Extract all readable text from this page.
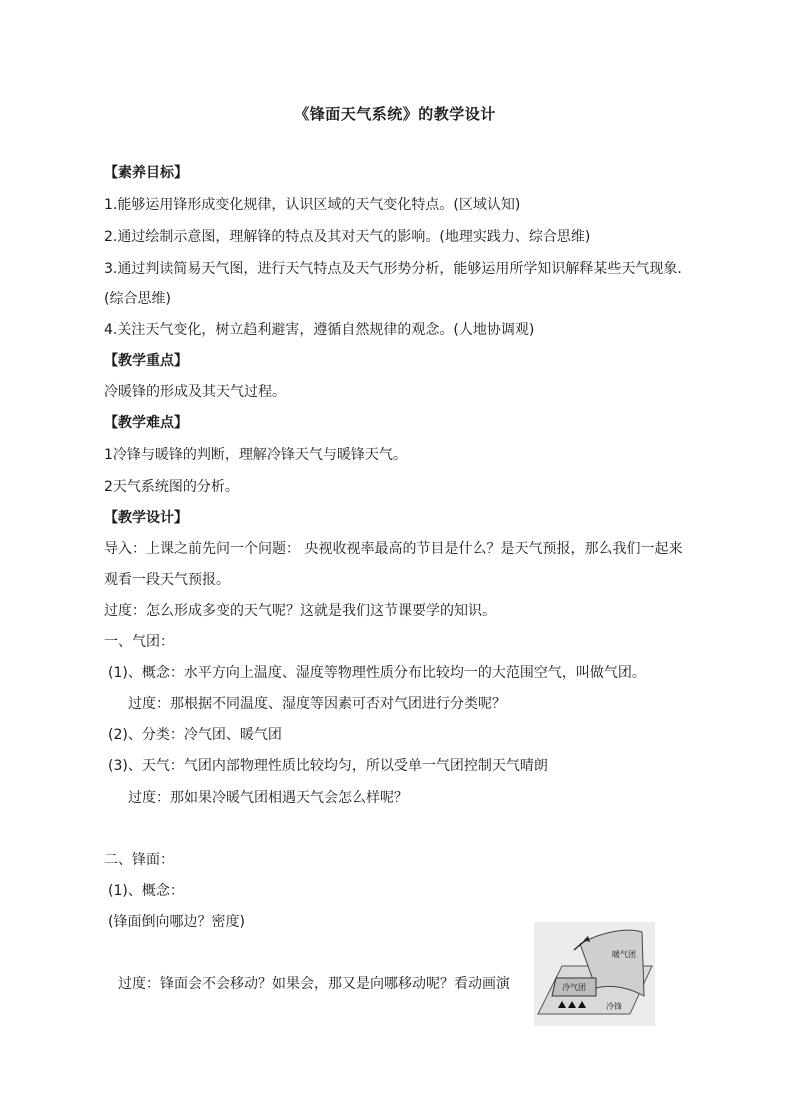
《锋面天气系统》的教学设计
【素养目标】
1.能够运用锋形成变化规律，认识区域的天气变化特点。(区域认知)
2.通过绘制示意图，理解锋的特点及其对天气的影响。(地理实践力、综合思维)
3.通过判读简易天气图，进行天气特点及天气形势分析，能够运用所学知识解释某些天气现象.
(综合思维)
4.关注天气变化，树立趋利避害，遵循自然规律的观念。(人地协调观)
【教学重点】
冷暖锋的形成及其天气过程。
【教学难点】
1冷锋与暖锋的判断，理解冷锋天气与暖锋天气。
2天气系统图的分析。
【教学设计】
导入：上课之前先问一个问题： 央视收视率最高的节目是什么？是天气预报，那么我们一起来
观看一段天气预报。
过度：怎么形成多变的天气呢？这就是我们这节课要学的知识。
一、气团：
(1)、概念：水平方向上温度、湿度等物理性质分布比较均一的大范围空气，叫做气团。
过度：那根据不同温度、湿度等因素可否对气团进行分类呢？
(2)、分类：冷气团、暖气团
(3)、天气：气团内部物理性质比较均匀，所以受单一气团控制天气晴朗
过度：那如果冷暖气团相遇天气会怎么样呢？
二、锋面：
(1)、概念：
(锋面倒向哪边？密度)
过度：锋面会不会移动？如果会，那又是向哪移动呢？看动画演
暖气团
冷气团
冷锋
